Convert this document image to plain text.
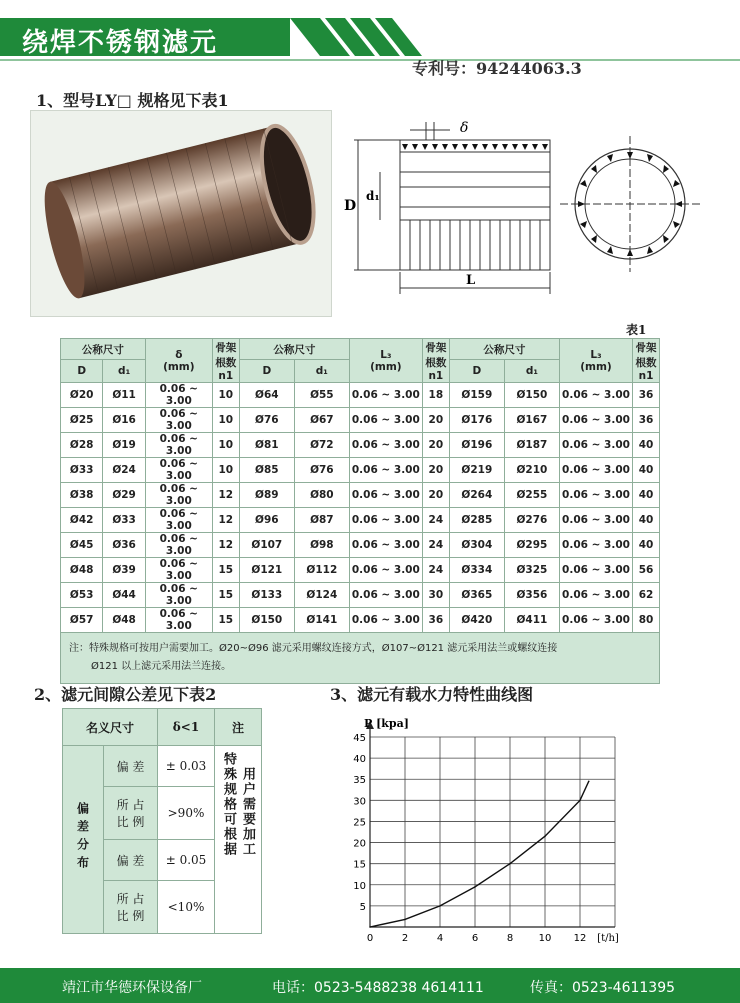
绕焊不锈钢滤元
专利号：94244063.3
1、型号LY□ 规格见下表1
D
d₁
L
δ
表1
公称尺寸		δ
(mm)	骨架根数
n1	公称尺寸		L₃
(mm)	骨架根数
n1	公称尺寸		L₃
(mm)	骨架根数
n1
D	d₁			D	d₁			D	d₁		
Ø20	Ø11	0.06 ~ 3.00	10	Ø64	Ø55	0.06 ~ 3.00	18	Ø159	Ø150	0.06 ~ 3.00	36
Ø25	Ø16	0.06 ~ 3.00	10	Ø76	Ø67	0.06 ~ 3.00	20	Ø176	Ø167	0.06 ~ 3.00	36
Ø28	Ø19	0.06 ~ 3.00	10	Ø81	Ø72	0.06 ~ 3.00	20	Ø196	Ø187	0.06 ~ 3.00	40
Ø33	Ø24	0.06 ~ 3.00	10	Ø85	Ø76	0.06 ~ 3.00	20	Ø219	Ø210	0.06 ~ 3.00	40
Ø38	Ø29	0.06 ~ 3.00	12	Ø89	Ø80	0.06 ~ 3.00	20	Ø264	Ø255	0.06 ~ 3.00	40
Ø42	Ø33	0.06 ~ 3.00	12	Ø96	Ø87	0.06 ~ 3.00	24	Ø285	Ø276	0.06 ~ 3.00	40
Ø45	Ø36	0.06 ~ 3.00	12	Ø107	Ø98	0.06 ~ 3.00	24	Ø304	Ø295	0.06 ~ 3.00	40
Ø48	Ø39	0.06 ~ 3.00	15	Ø121	Ø112	0.06 ~ 3.00	24	Ø334	Ø325	0.06 ~ 3.00	56
Ø53	Ø44	0.06 ~ 3.00	15	Ø133	Ø124	0.06 ~ 3.00	30	Ø365	Ø356	0.06 ~ 3.00	62
Ø57	Ø48	0.06 ~ 3.00	15	Ø150	Ø141	0.06 ~ 3.00	36	Ø420	Ø411	0.06 ~ 3.00	80

注：特殊规格可按用户需要加工。Ø20~Ø96 滤元采用螺纹连接方式，Ø107~Ø121 滤元采用法兰或螺纹连接
Ø121 以上滤元采用法兰连接。											
2、滤元间隙公差见下表2
名义尺寸		δ<1	注
偏差分布	偏 差	± 0.03	特殊规格可根据 用户需要加工
	所 占 比 例	>90%	
	偏 差	± 0.05	
	所 占 比 例	<10%	
3、滤元有载水力特性曲线图
0	2	4	6	8	10 12
5
10
15
20
25
30
35
40
45
P [kpa]
[t/h]
靖江市华德环保设备厂	电话：0523-5488238 4614111	传真：0523-4611395
